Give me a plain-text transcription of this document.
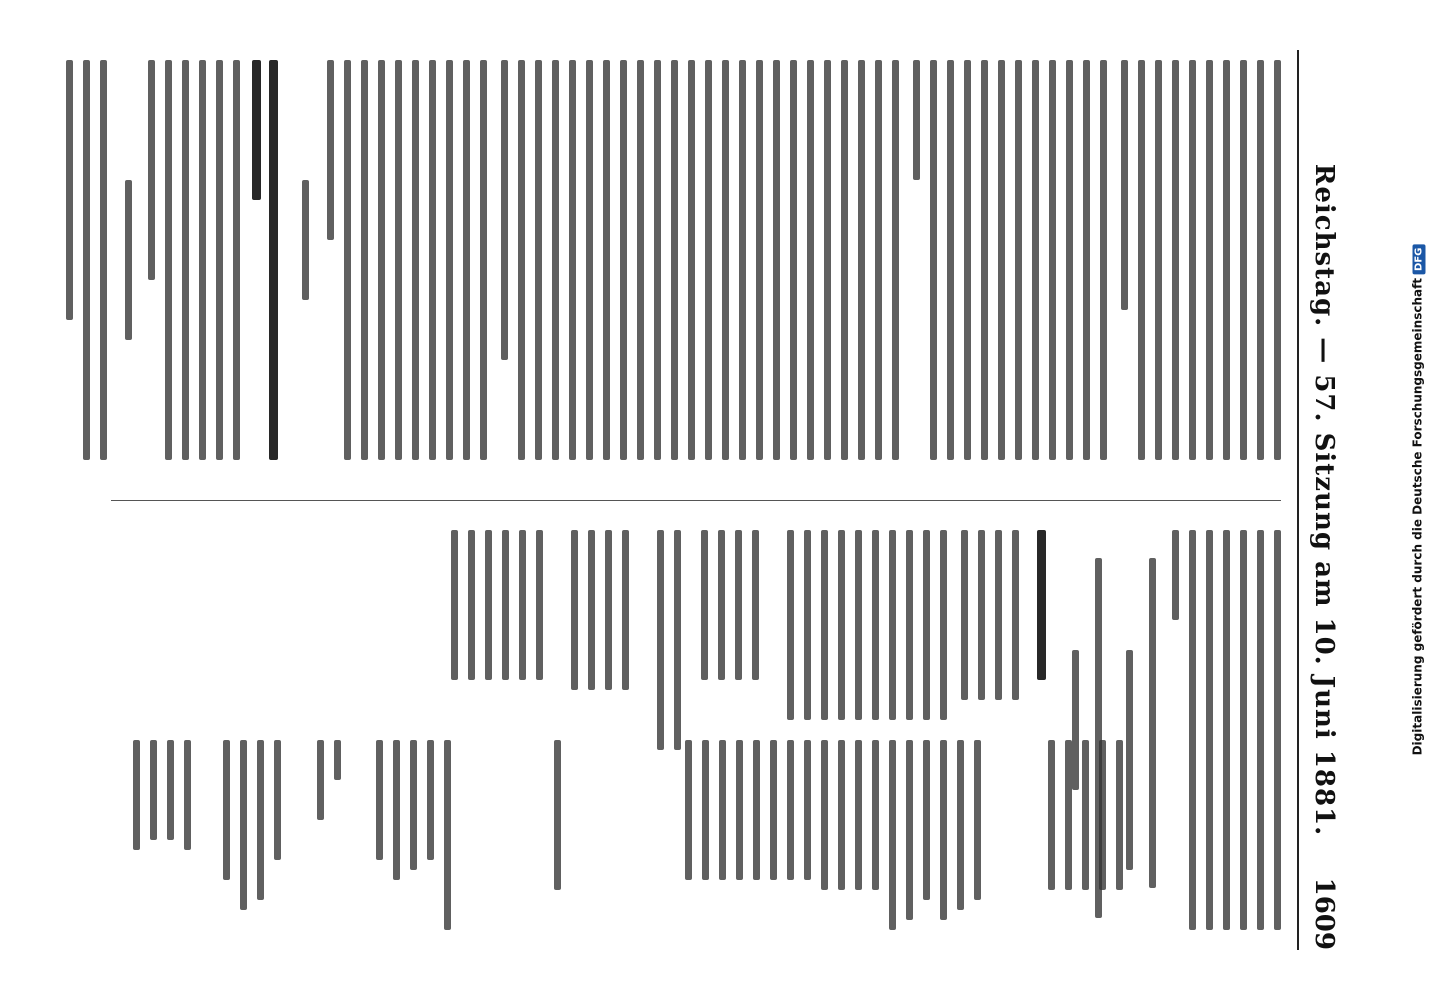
Reichstag. — 57. Sitzung am 10. Juni 1881.
1609
Digitalisierung gefördert durch die Deutsche ForschungsgemeinschaftDFG
